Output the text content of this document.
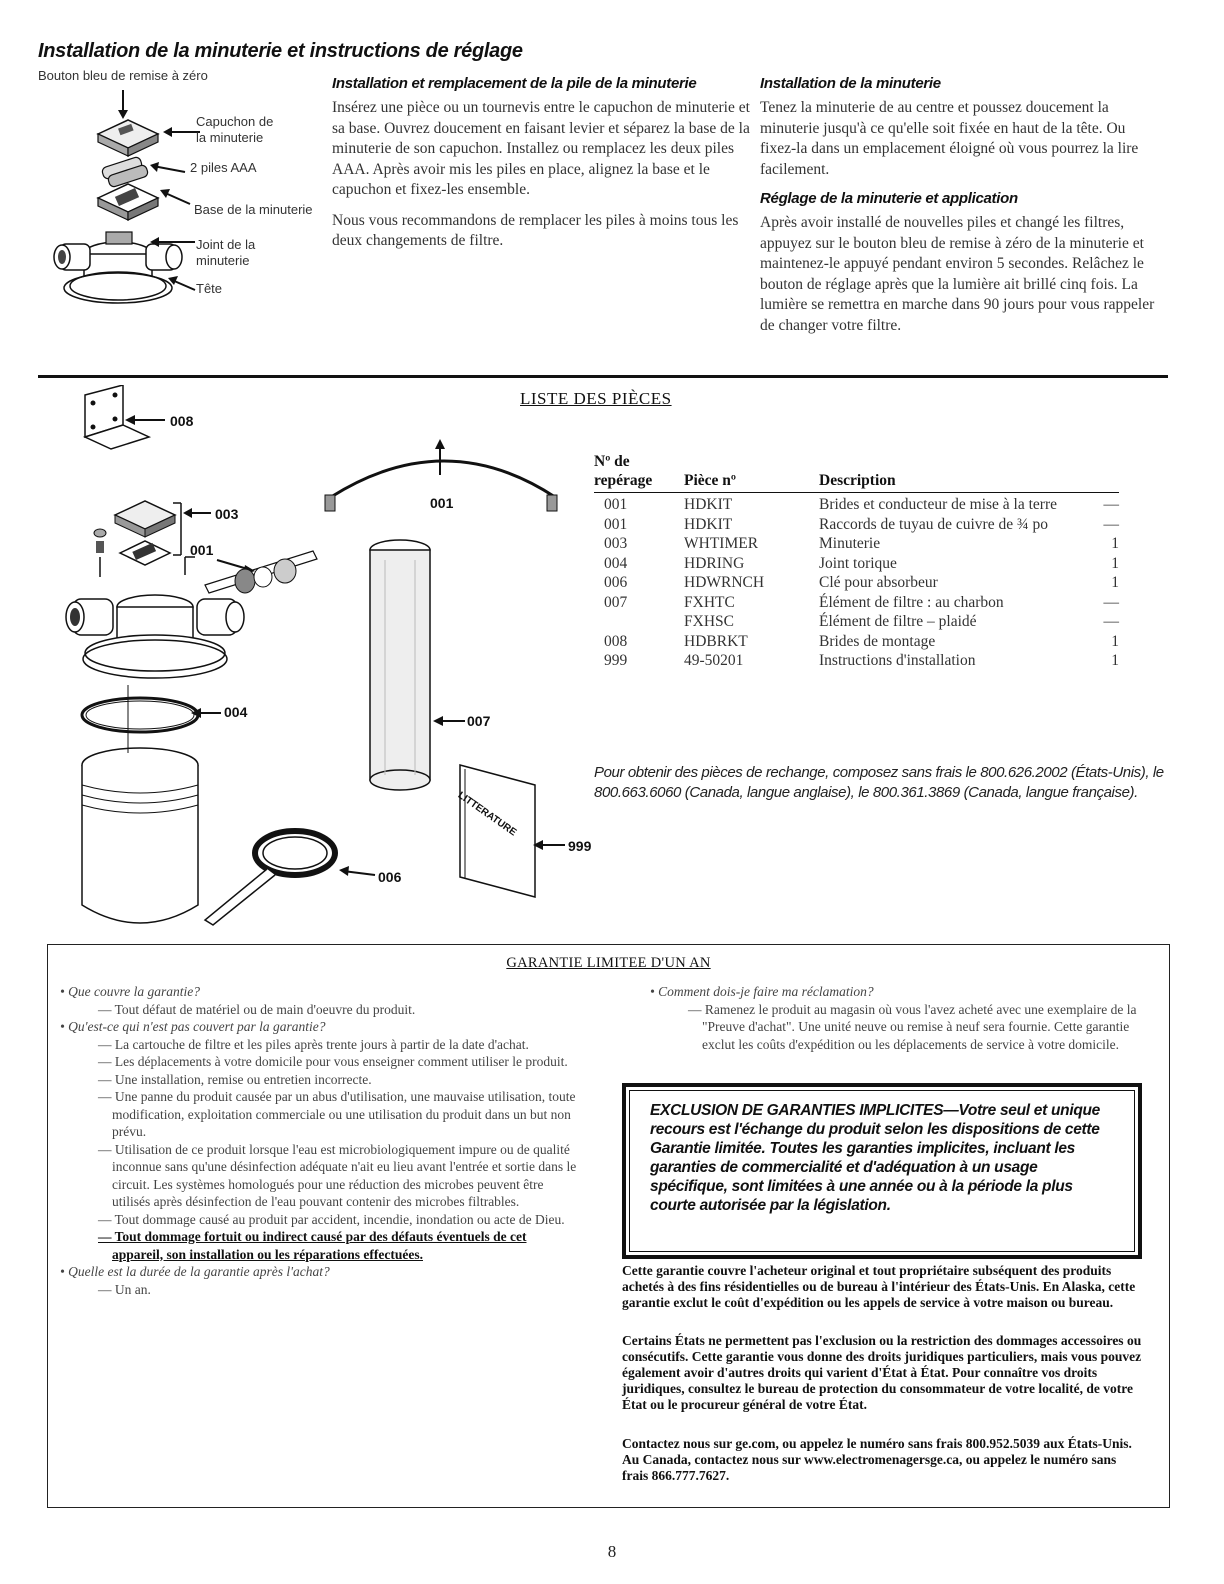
Installation de la minuterie et instructions de réglage
Bouton bleu de remise à zéro
Capuchon de la minuterie
2 piles AAA
Base de la minuterie
Joint de la minuterie
Tête
Installation et remplacement de la pile de la minuterie

Insérez une pièce ou un tournevis entre le capuchon de minuterie et sa base. Ouvrez doucement en faisant levier et séparez la base de la minuterie de son capuchon. Installez ou remplacez les deux piles AAA. Après avoir mis les piles en place, alignez la base et le capuchon et fixez-les ensemble.

Nous vous recommandons de remplacer les piles à moins tous les deux changements de filtre.

Installation de la minuterie

Tenez la minuterie de au centre et poussez doucement la minuterie jusqu'à ce qu'elle soit fixée en haut de la tête. Ou fixez-la dans un emplacement éloigné où vous pourrez la lire facilement.

Réglage de la minuterie et application

Après avoir installé de nouvelles piles et changé les filtres, appuyez sur le bouton bleu de remise à zéro de la minuterie et maintenez-le appuyé pendant environ 5 secondes. Relâchez le bouton de réglage après que la lumière ait brillé cinq fois. La lumière se remettra en marche dans 90 jours pour vous rappeler de changer votre filtre.

008
003
001
001
004
007
999
006
LITTERATURE
LISTE DES PIÈCES
Nº de repérage	Pièce nº	Description	
001	HDKIT	Brides et conducteur de mise à la terre	—
001	HDKIT	Raccords de tuyau de cuivre de ¾ po	—
003	WHTIMER	Minuterie	1
004	HDRING	Joint torique	1
006	HDWRNCH	Clé pour absorbeur	1
007	FXHTC	Élément de filtre : au charbon	—
	FXHSC	Élément de filtre – plaidé	—
008	HDBRKT	Brides de montage	1
999	49-50201	Instructions d'installation	1
Pour obtenir des pièces de rechange, composez sans frais le 800.626.2002 (États-Unis), le 800.663.6060 (Canada, langue anglaise), le 800.361.3869 (Canada, langue française).
GARANTIE LIMITEE D'UN AN

• Que couvre la garantie?

— Tout défaut de matériel ou de main d'oeuvre du produit.

• Qu'est-ce qui n'est pas couvert par la garantie?

— La cartouche de filtre et les piles après trente jours à partir de la date d'achat.

— Les déplacements à votre domicile pour vous enseigner comment utiliser le produit.

— Une installation, remise ou entretien incorrecte.

— Une panne du produit causée par un abus d'utilisation, une mauvaise utilisation, toute modification, exploitation commerciale ou une utilisation du produit dans un but non prévu.

— Utilisation de ce produit lorsque l'eau est microbiologiquement impure ou de qualité inconnue sans qu'une désinfection adéquate n'ait eu lieu avant l'entrée et sortie dans le circuit. Les systèmes homologués pour une réduction des microbes peuvent être utilisés après désinfection de l'eau pouvant contenir des microbes filtrables.

— Tout dommage causé au produit par accident, incendie, inondation ou acte de Dieu.

— Tout dommage fortuit ou indirect causé par des défauts éventuels de cet appareil, son installation ou les réparations effectuées.

• Quelle est la durée de la garantie après l'achat?

— Un an.

• Comment dois-je faire ma réclamation?

— Ramenez le produit au magasin où vous l'avez acheté avec une exemplaire de la "Preuve d'achat". Une unité neuve ou remise à neuf sera fournie. Cette garantie exclut les coûts d'expédition ou les déplacements de service à votre domicile.

EXCLUSION DE GARANTIES IMPLICITES—Votre seul et unique recours est l'échange du produit selon les dispositions de cette Garantie limitée. Toutes les garanties implicites, incluant les garanties de commercialité et d'adéquation à un usage spécifique, sont limitées à une année ou à la période la plus courte autorisée par la législation.
Cette garantie couvre l'acheteur original et tout propriétaire subséquent des produits achetés à des fins résidentielles ou de bureau à l'intérieur des États-Unis. En Alaska, cette garantie exclut le coût d'expédition ou les appels de service à votre maison ou bureau.
Certains États ne permettent pas l'exclusion ou la restriction des dommages accessoires ou consécutifs. Cette garantie vous donne des droits juridiques particuliers, mais vous pouvez également avoir d'autres droits qui varient d'État à État. Pour connaître vos droits juridiques, consultez le bureau de protection du consommateur de votre localité, de votre État ou le procureur général de votre État.
Contactez nous sur ge.com, ou appelez le numéro sans frais 800.952.5039 aux États-Unis. Au Canada, contactez nous sur www.electromenagersge.ca, ou appelez le numéro sans frais 866.777.7627.
8
